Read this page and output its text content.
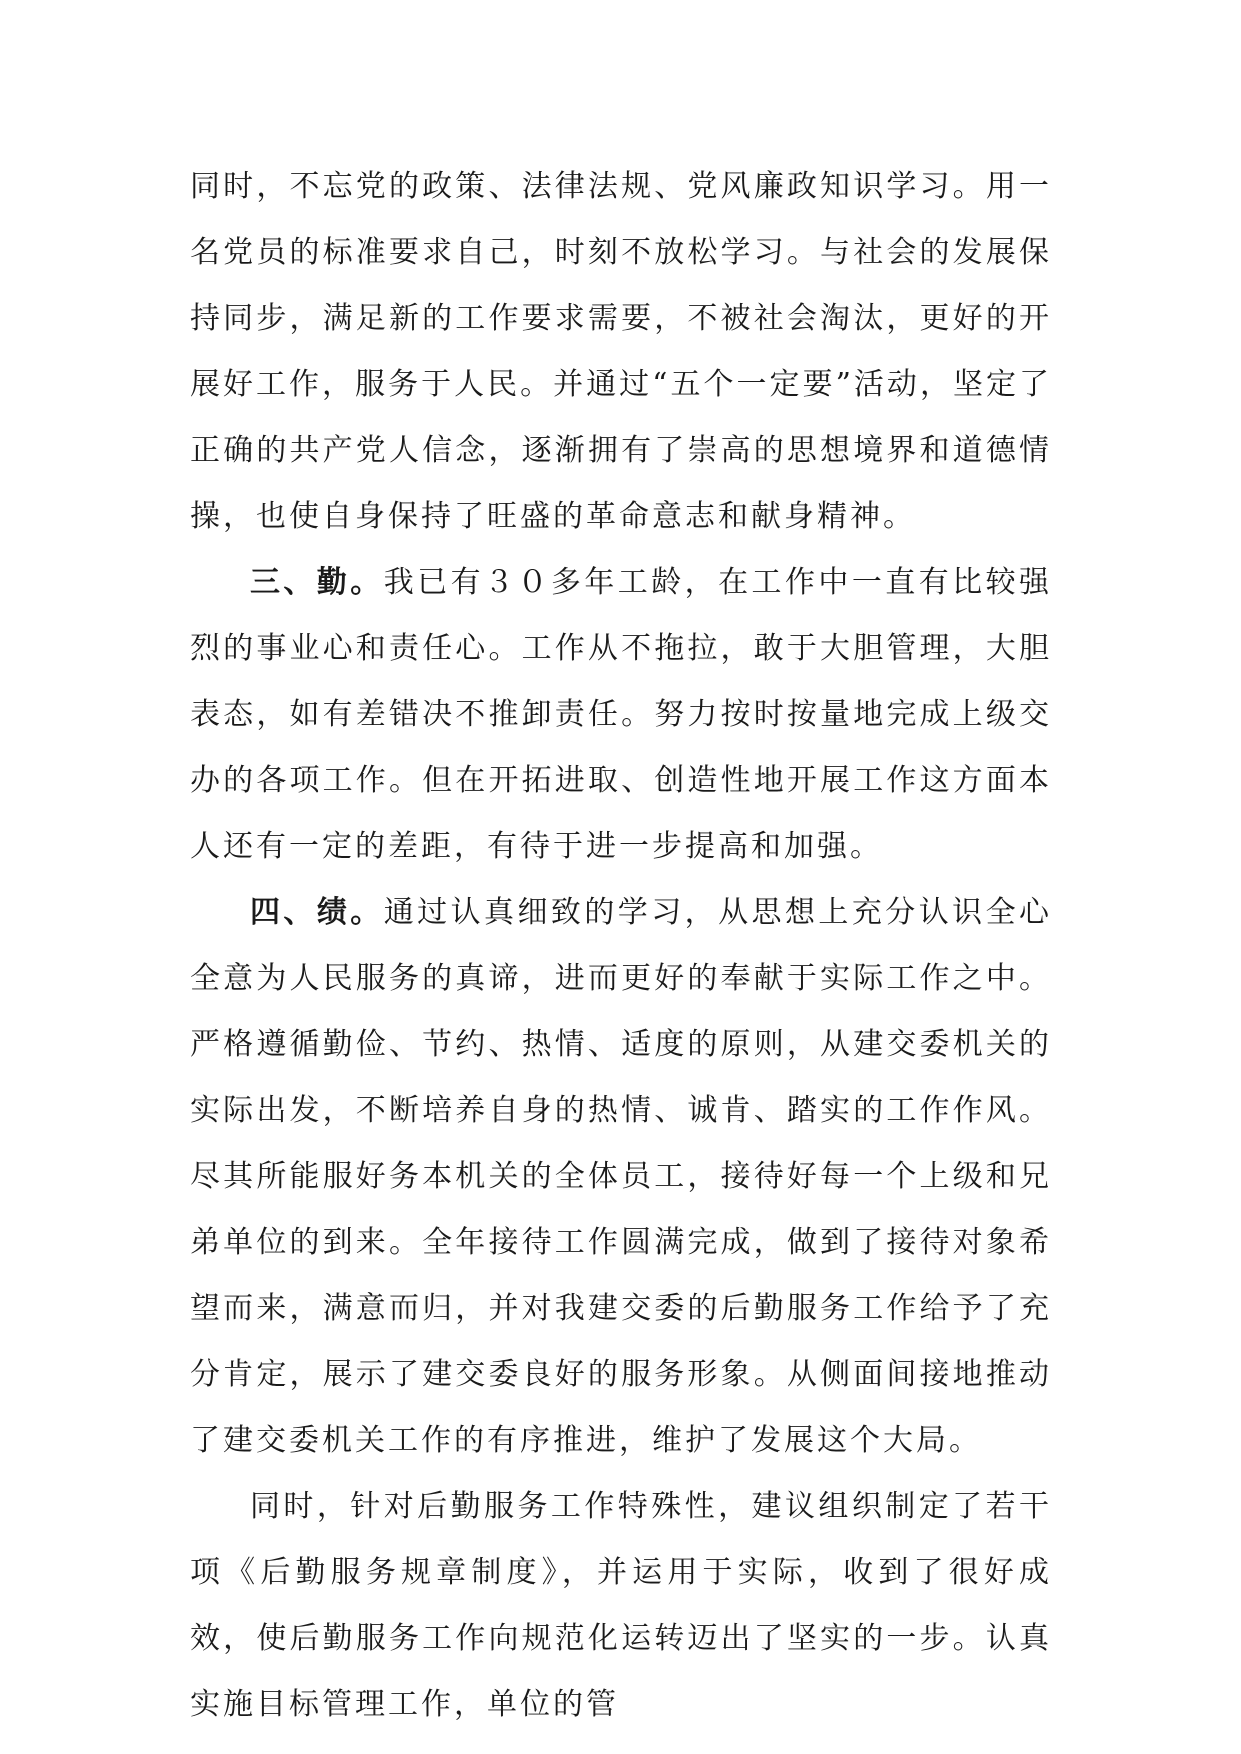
同时，不忘党的政策、法律法规、党风廉政知识学习。用一名党员的标准要求自己，时刻不放松学习。与社会的发展保持同步，满足新的工作要求需要，不被社会淘汰，更好的开展好工作，服务于人民。并通过“五个一定要”活动，坚定了正确的共产党人信念，逐渐拥有了崇高的思想境界和道德情操，也使自身保持了旺盛的革命意志和献身精神。

三、勤。我已有３０多年工龄，在工作中一直有比较强烈的事业心和责任心。工作从不拖拉，敢于大胆管理，大胆表态，如有差错决不推卸责任。努力按时按量地完成上级交办的各项工作。但在开拓进取、创造性地开展工作这方面本人还有一定的差距，有待于进一步提高和加强。

四、绩。通过认真细致的学习，从思想上充分认识全心全意为人民服务的真谛，进而更好的奉献于实际工作之中。严格遵循勤俭、节约、热情、适度的原则，从建交委机关的实际出发，不断培养自身的热情、诚肯、踏实的工作作风。尽其所能服好务本机关的全体员工，接待好每一个上级和兄弟单位的到来。全年接待工作圆满完成，做到了接待对象希望而来，满意而归，并对我建交委的后勤服务工作给予了充分肯定，展示了建交委良好的服务形象。从侧面间接地推动了建交委机关工作的有序推进，维护了发展这个大局。

同时，针对后勤服务工作特殊性，建议组织制定了若干项《后勤服务规章制度》，并运用于实际，收到了很好成效，使后勤服务工作向规范化运转迈出了坚实的一步。认真实施目标管理工作，单位的管
